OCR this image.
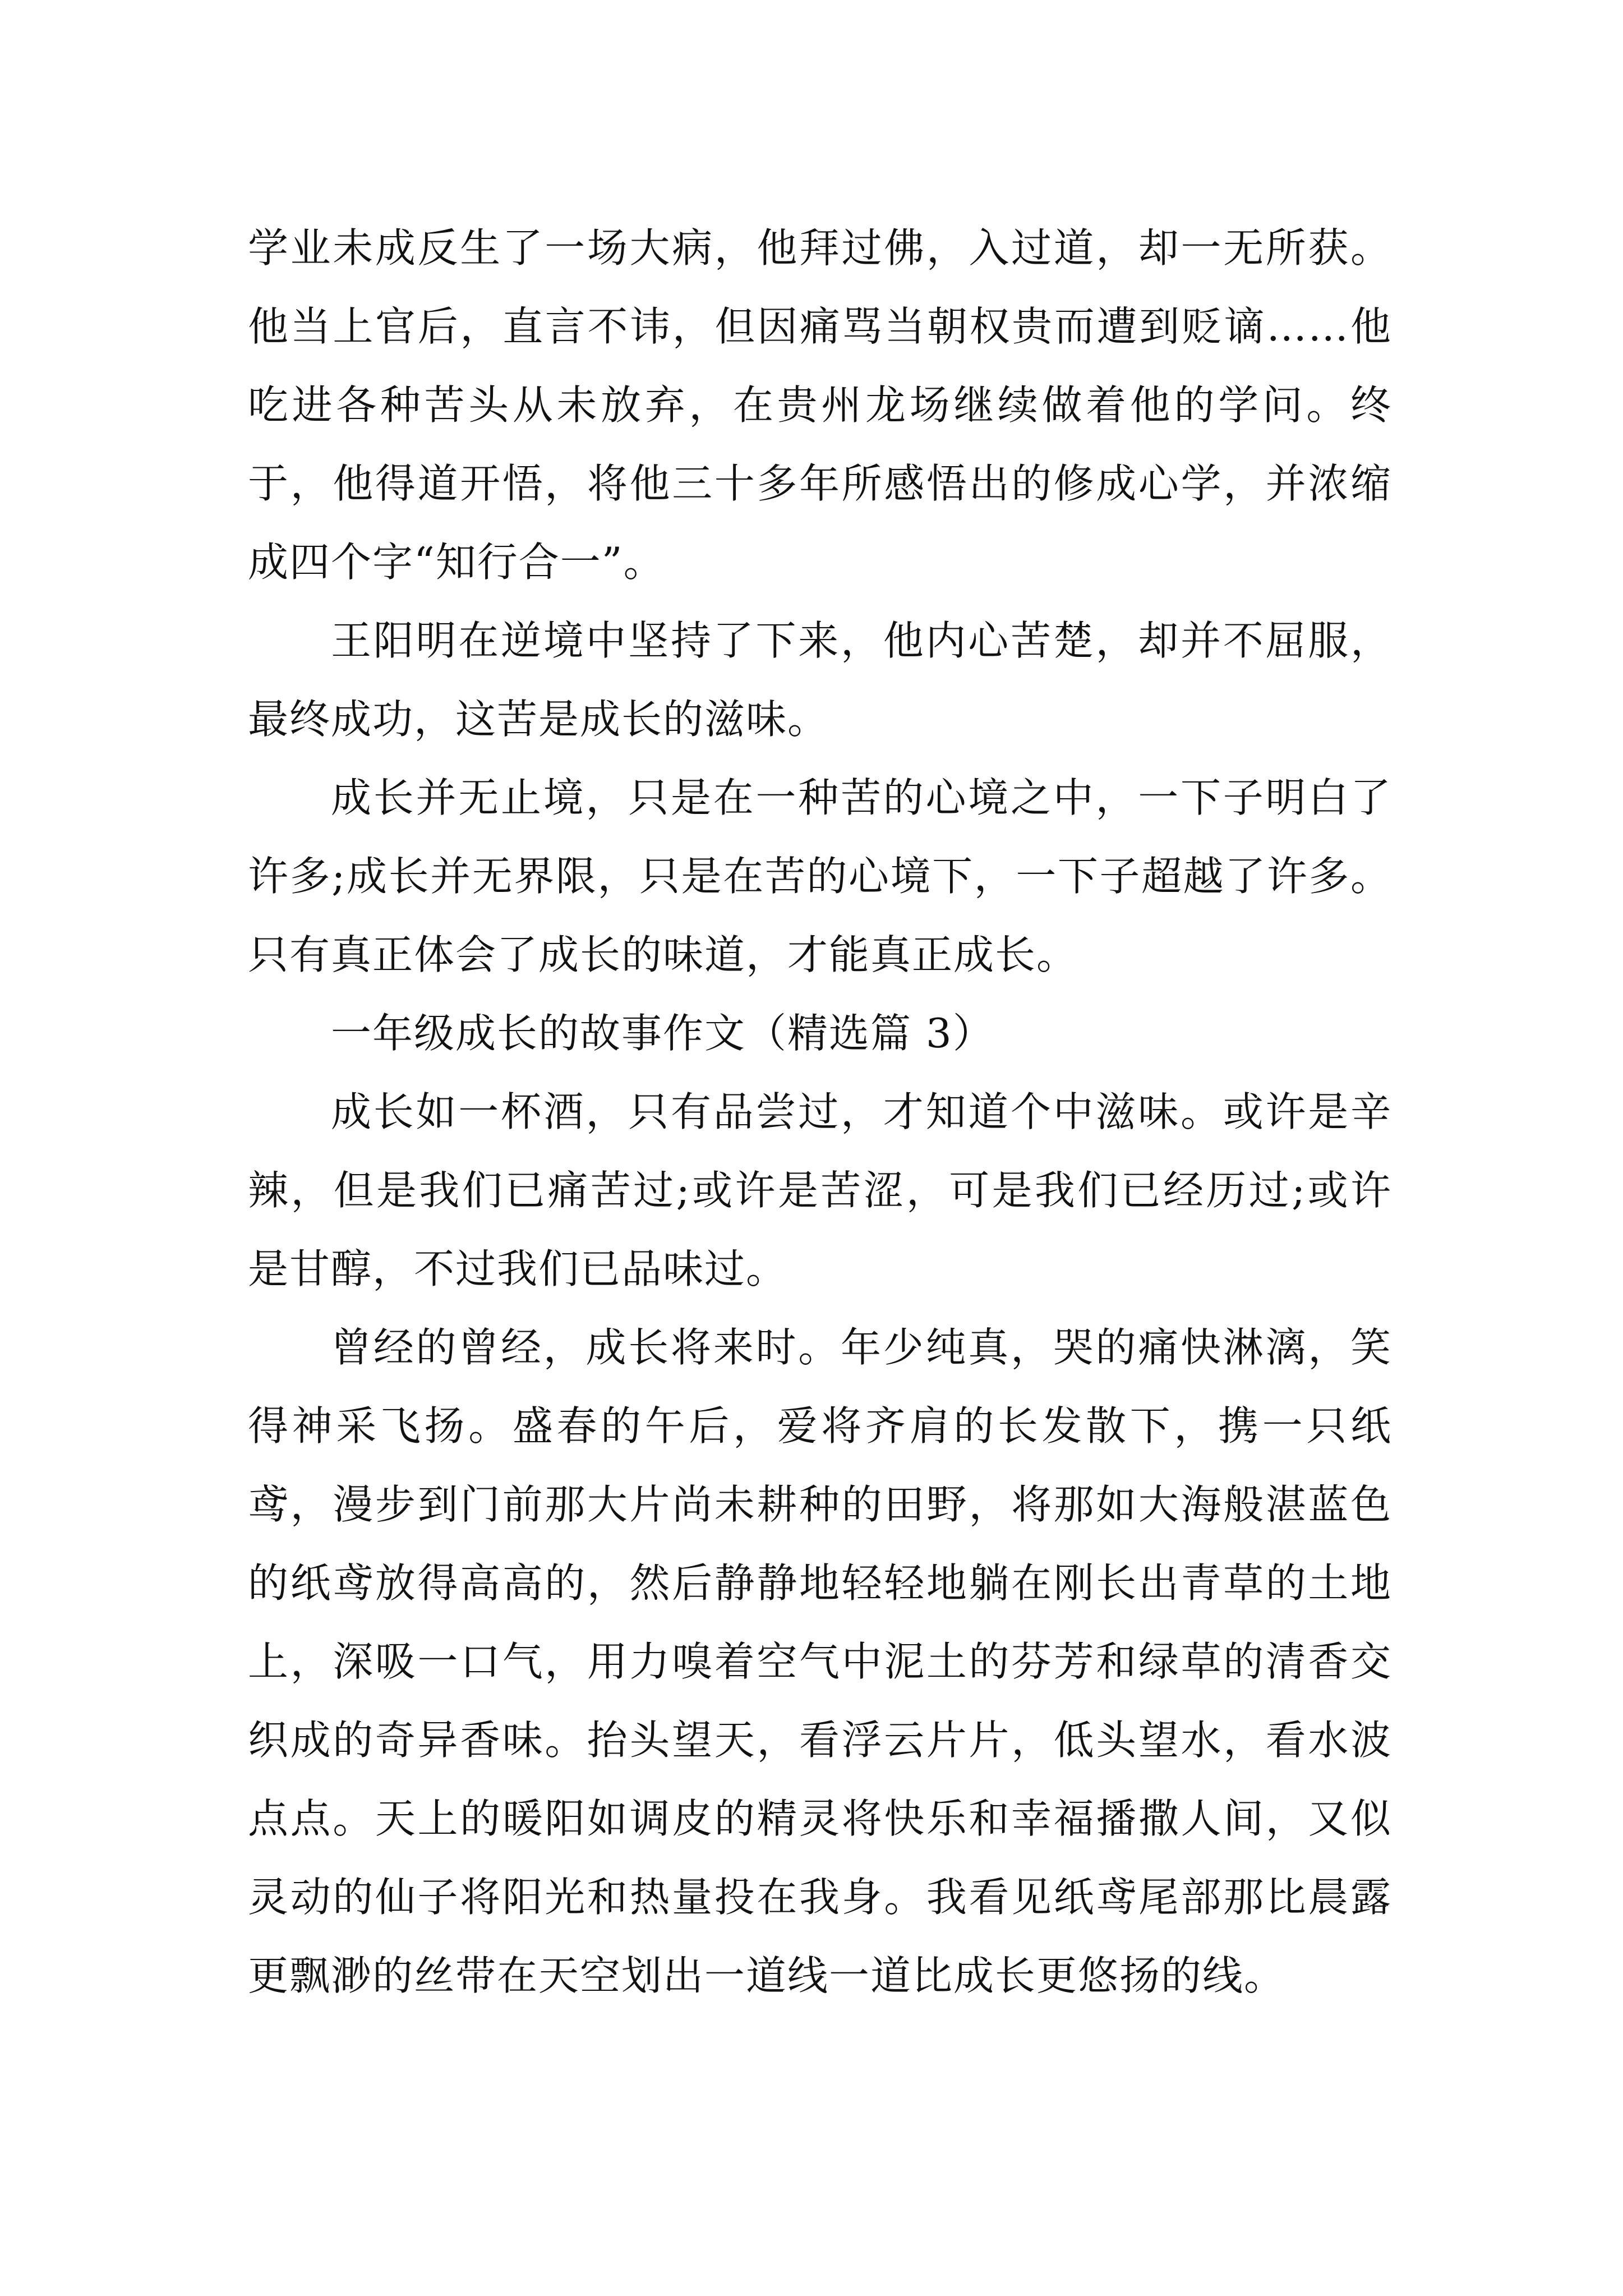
学业未成反生了一场大病，他拜过佛，入过道，却一无所获。他当上官后，直言不讳，但因痛骂当朝权贵而遭到贬谪……他吃进各种苦头从未放弃，在贵州龙场继续做着他的学问。终于，他得道开悟，将他三十多年所感悟出的修成心学，并浓缩成四个字“知行合一”。

王阳明在逆境中坚持了下来，他内心苦楚，却并不屈服，最终成功，这苦是成长的滋味。

成长并无止境，只是在一种苦的心境之中，一下子明白了许多;成长并无界限，只是在苦的心境下，一下子超越了许多。只有真正体会了成长的味道，才能真正成长。

一年级成长的故事作文（精选篇 3）

成长如一杯酒，只有品尝过，才知道个中滋味。或许是辛辣，但是我们已痛苦过;或许是苦涩，可是我们已经历过;或许是甘醇，不过我们已品味过。

曾经的曾经，成长将来时。年少纯真，哭的痛快淋漓，笑得神采飞扬。盛春的午后，爱将齐肩的长发散下，携一只纸鸢，漫步到门前那大片尚未耕种的田野，将那如大海般湛蓝色的纸鸢放得高高的，然后静静地轻轻地躺在刚长出青草的土地上，深吸一口气，用力嗅着空气中泥土的芬芳和绿草的清香交织成的奇异香味。抬头望天，看浮云片片，低头望水，看水波点点。天上的暖阳如调皮的精灵将快乐和幸福播撒人间，又似灵动的仙子将阳光和热量投在我身。我看见纸鸢尾部那比晨露更飘渺的丝带在天空划出一道线一道比成长更悠扬的线。
